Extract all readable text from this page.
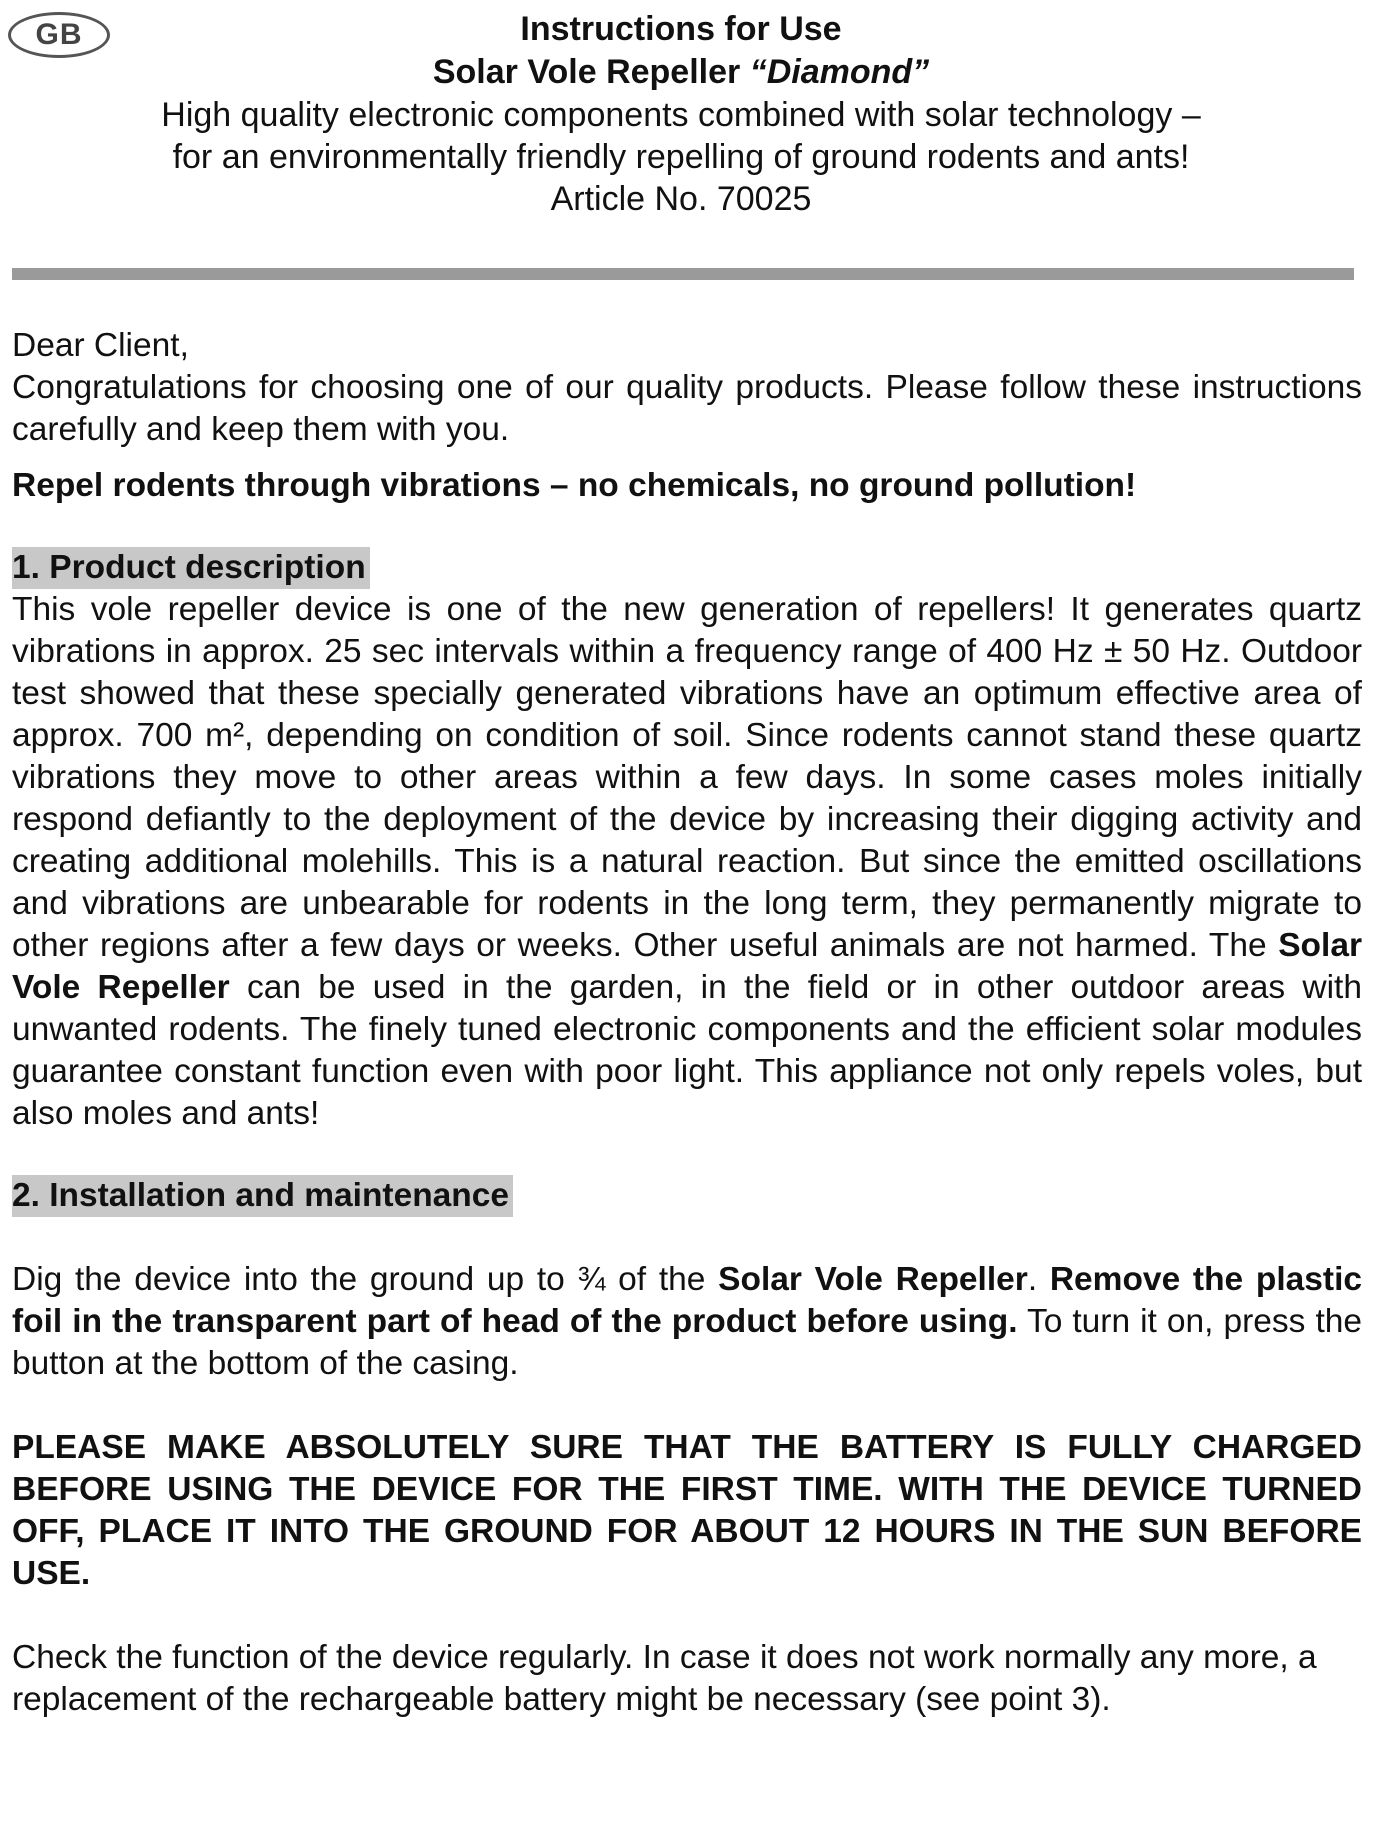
GB	Instructions for Use
Solar Vole Repeller “Diamond”
High quality electronic components combined with solar technology –
for an environmentally friendly repelling of ground rodents and ants!
Article No. 70025

Dear Client,

Congratulations for choosing one of our quality products. Please follow these instructions carefully and keep them with you.

Repel rodents through vibrations – no chemicals, no ground pollution!

1. Product description

This vole repeller device is one of the new generation of repellers! It generates quartz vibrations in approx. 25 sec intervals within a frequency range of 400 Hz ± 50 Hz. Outdoor test showed that these specially generated vibrations have an optimum effective area of approx. 700 m², depending on condition of soil. Since rodents cannot stand these quartz vibrations they move to other areas within a few days. In some cases moles initially respond defiantly to the deployment of the device by increasing their digging activity and creating additional molehills. This is a natural reaction. But since the emitted oscillations and vibrations are unbearable for rodents in the long term, they permanently migrate to other regions after a few days or weeks. Other useful animals are not harmed. The Solar Vole Repeller can be used in the garden, in the field or in other outdoor areas with unwanted rodents. The finely tuned electronic components and the efficient solar modules guarantee constant function even with poor light. This appliance not only repels voles, but also moles and ants!

2. Installation and maintenance

Dig the device into the ground up to ¾ of the Solar Vole Repeller. Remove the plastic foil in the transparent part of head of the product before using. To turn it on, press the button at the bottom of the casing.

PLEASE MAKE ABSOLUTELY SURE THAT THE BATTERY IS FULLY CHARGED BEFORE USING THE DEVICE FOR THE FIRST TIME. WITH THE DEVICE TURNED OFF, PLACE IT INTO THE GROUND FOR ABOUT 12 HOURS IN THE SUN BEFORE USE.

Check the function of the device regularly. In case it does not work normally any more, a replacement of the rechargeable battery might be necessary (see point 3).
